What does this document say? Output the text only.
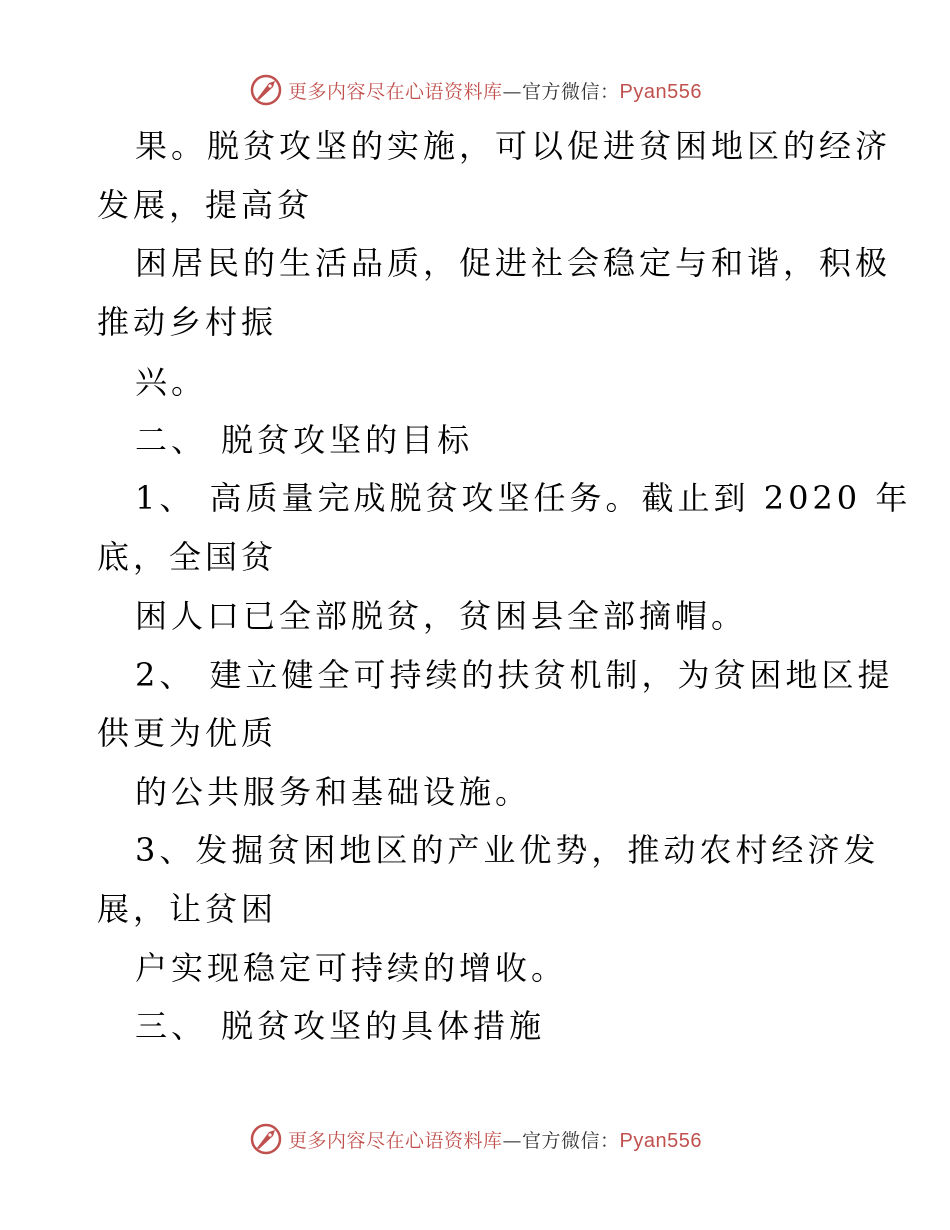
更多内容尽在心语资料库—官方微信：Pyan556
果。脱贫攻坚的实施，可以促进贫困地区的经济
发展，提高贫
困居民的生活品质，促进社会稳定与和谐，积极
推动乡村振
兴。
二、 脱贫攻坚的目标
1、 高质量完成脱贫攻坚任务。截止到 2020 年
底，全国贫
困人口已全部脱贫，贫困县全部摘帽。
2、 建立健全可持续的扶贫机制，为贫困地区提
供更为优质
的公共服务和基础设施。
3、发掘贫困地区的产业优势，推动农村经济发
展，让贫困
户实现稳定可持续的增收。
三、 脱贫攻坚的具体措施
更多内容尽在心语资料库—官方微信：Pyan556
